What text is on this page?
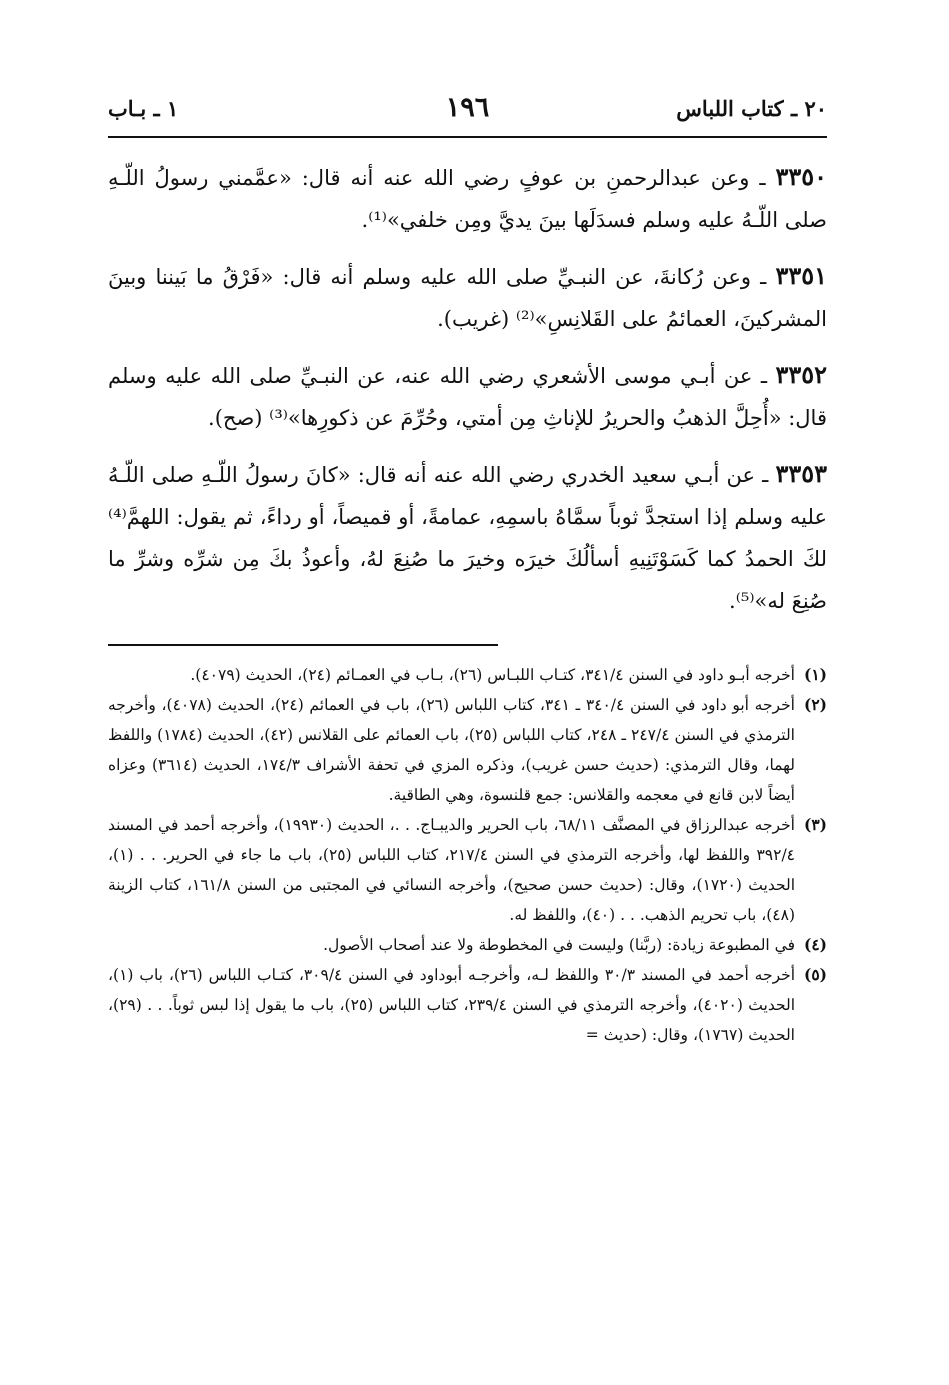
٢٠ ـ كتاب اللباس
١٩٦
١ ـ بـاب
٣٣٥٠ ـ وعن عبدالرحمنِ بن عوفٍ رضي الله عنه أنه قال: «عمَّمني رسولُ اللّـهِ صلى اللّـهُ عليه وسلم فسدَلَها بينَ يديَّ ومِن خلفي»⁽¹⁾.
٣٣٥١ ـ وعن رُكانةَ، عن النبـيِّ صلى الله عليه وسلم أنه قال: «فَرْقُ ما بَيننا وبينَ المشركينَ، العمائمُ على القَلانِسِ»⁽²⁾ (غريب).
٣٣٥٢ ـ عن أبـي موسى الأشعري رضي الله عنه، عن النبـيِّ صلى الله عليه وسلم قال: «أُحِلَّ الذهبُ والحريرُ للإناثِ مِن أمتي، وحُرِّمَ عن ذكورِها»⁽³⁾ (صح).
٣٣٥٣ ـ عن أبـي سعيد الخدري رضي الله عنه أنه قال: «كانَ رسولُ اللّـهِ صلى اللّـهُ عليه وسلم إذا استجدَّ ثوباً سمَّاهُ باسمِهِ، عمامةً، أو قميصاً، أو رداءً، ثم يقول: اللهمَّ⁽⁴⁾ لكَ الحمدُ كما كَسَوْتَنِيهِ أسألُكَ خيرَه وخيرَ ما صُنِعَ لهُ، وأعوذُ بكَ مِن شرِّه وشرِّ ما صُنِعَ له»⁽⁵⁾.
(١)
أخرجه أبـو داود في السنن ٣٤١/٤، كتـاب اللبـاس (٢٦)، بـاب في العمـائم (٢٤)، الحديث (٤٠٧٩).
(٢)
أخرجه أبو داود في السنن ٣٤٠/٤ ـ ٣٤١، كتاب اللباس (٢٦)، باب في العمائم (٢٤)، الحديث (٤٠٧٨)، وأخرجه الترمذي في السنن ٢٤٧/٤ ـ ٢٤٨، كتاب اللباس (٢٥)، باب العمائم على القلانس (٤٢)، الحديث (١٧٨٤) واللفظ لهما، وقال الترمذي: (حديث حسن غريب)، وذكره المزي في تحفة الأشراف ١٧٤/٣، الحديث (٣٦١٤) وعزاه أيضاً لابن قانع في معجمه والقلانس: جمع قلنسوة، وهي الطاقية.
(٣)
أخرجه عبدالرزاق في المصنَّف ٦٨/١١، باب الحرير والديبـاج. . .، الحديث (١٩٩٣٠)، وأخرجه أحمد في المسند ٣٩٢/٤ واللفظ لها، وأخرجه الترمذي في السنن ٢١٧/٤، كتاب اللباس (٢٥)، باب ما جاء في الحرير. . . (١)، الحديث (١٧٢٠)، وقال: (حديث حسن صحيح)، وأخرجه النسائي في المجتبى من السنن ١٦١/٨، كتاب الزينة (٤٨)، باب تحريم الذهب. . . (٤٠)، واللفظ له.
(٤)
في المطبوعة زيادة: (ربَّنا) وليست في المخطوطة ولا عند أصحاب الأصول.
(٥)
أخرجه أحمد في المسند ٣٠/٣ واللفظ لـه، وأخرجـه أبوداود في السنن ٣٠٩/٤، كتـاب اللباس (٢٦)، باب (١)، الحديث (٤٠٢٠)، وأخرجه الترمذي في السنن ٢٣٩/٤، كتاب اللباس (٢٥)، باب ما يقول إذا لبس ثوباً. . . (٢٩)، الحديث (١٧٦٧)، وقال: (حديث =
